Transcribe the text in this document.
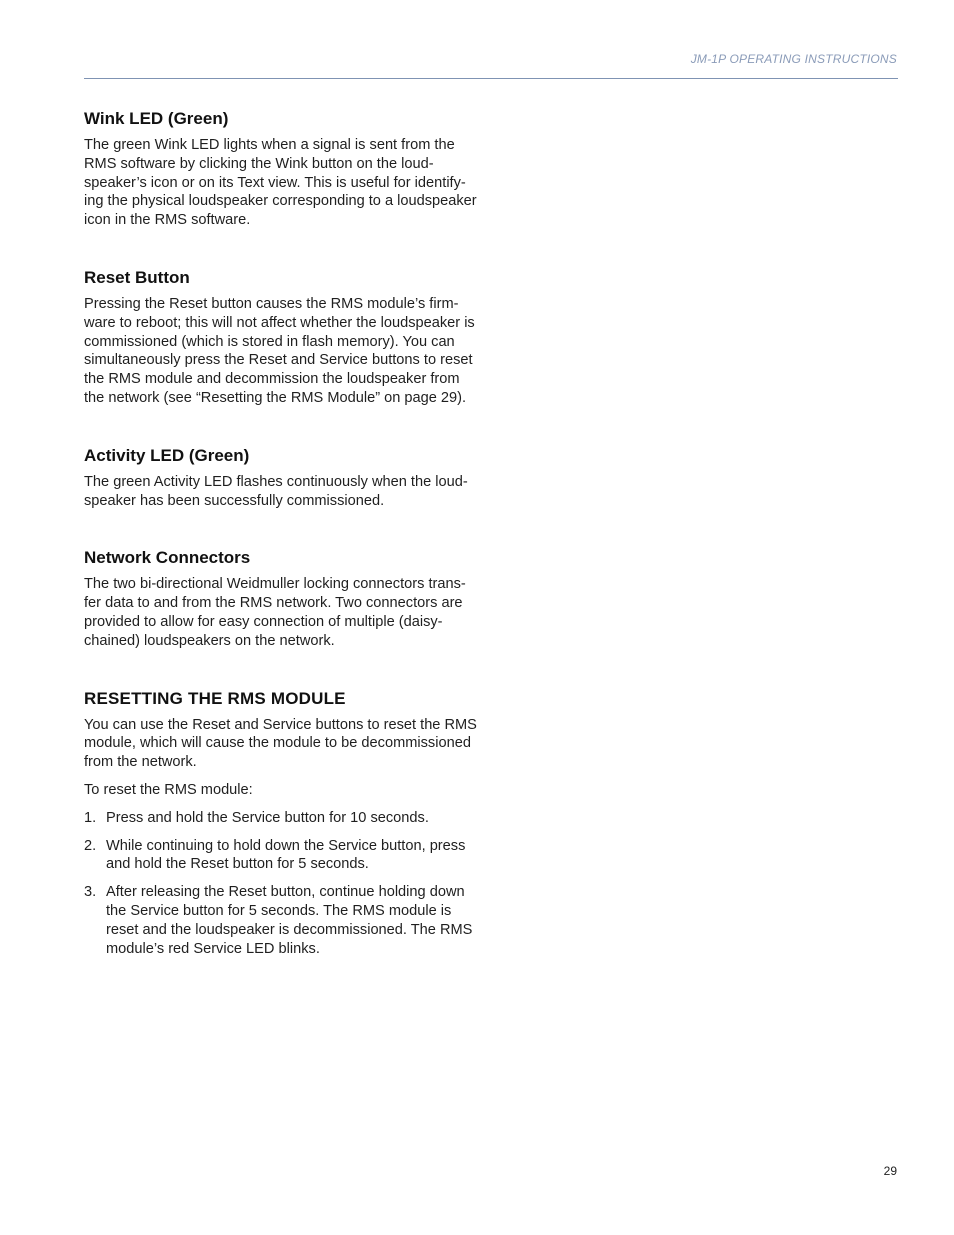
JM-1P OPERATING INSTRUCTIONS
Wink LED (Green)

The green Wink LED lights when a signal is sent from the RMS software by clicking the Wink button on the loud-speaker’s icon or on its Text view. This is useful for identify-ing the physical loudspeaker corresponding to a loudspeaker icon in the RMS software.

Reset Button

Pressing the Reset button causes the RMS module’s firm-ware to reboot; this will not affect whether the loudspeaker is commissioned (which is stored in flash memory). You can simultaneously press the Reset and Service buttons to reset the RMS module and decommission the loudspeaker from the network (see “Resetting the RMS Module” on page 29).

Activity LED (Green)

The green Activity LED flashes continuously when the loud-speaker has been successfully commissioned.

Network Connectors

The two bi-directional Weidmuller locking connectors trans-fer data to and from the RMS network. Two connectors are provided to allow for easy connection of multiple (daisy-chained) loudspeakers on the network.

RESETTING THE RMS MODULE

You can use the Reset and Service buttons to reset the RMS module, which will cause the module to be decommissioned from the network.

To reset the RMS module:

1. Press and hold the Service button for 10 seconds.
2. While continuing to hold down the Service button, press and hold the Reset button for 5 seconds.
3. After releasing the Reset button, continue holding down the Service button for 5 seconds. The RMS module is reset and the loudspeaker is decommissioned. The RMS module’s red Service LED blinks.
29
